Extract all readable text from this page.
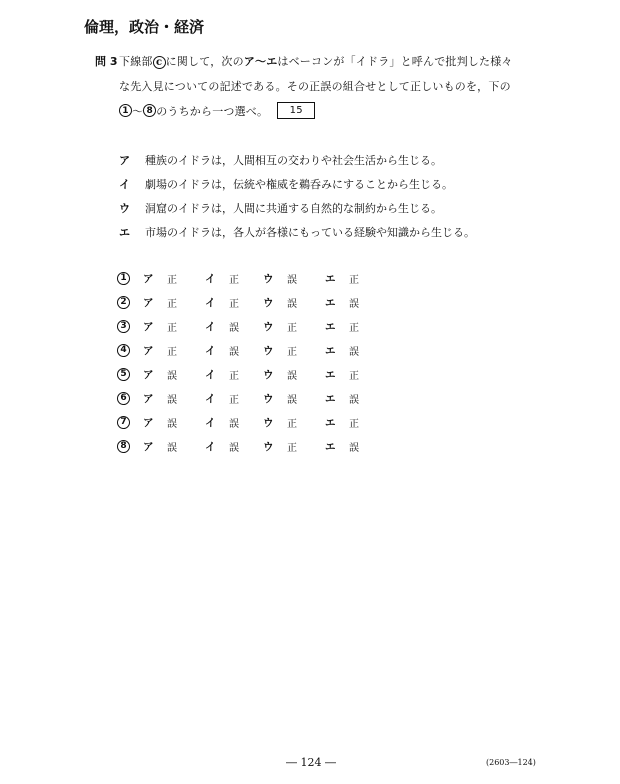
倫理，政治・経済
問 3 下線部 c に関して，次のア～エはベーコンが「イドラ」と呼んで批判した様々
な先入見についての記述である。その正誤の組合せとして正しいものを，下の
1 ～ 8 のうちから一つ選べ。	15
ア	種族のイドラは，人間相互の交わりや社会生活から生じる。
イ	劇場のイドラは，伝統や権威を鵜呑みにすることから生じる。
ウ	洞窟のイドラは，人間に共通する自然的な制約から生じる。
エ	市場のイドラは，各人が各様にもっている経験や知識から生じる。
1	ア 正	イ 正 ウ 誤	エ 正
2	ア 正	イ 正 ウ 誤	エ 誤
3	ア 正	イ 誤 ウ 正	エ 正
4	ア 正	イ 誤 ウ 正	エ 誤
5	ア 誤	イ 正 ウ 誤	エ 正
6	ア 誤	イ 正 ウ 誤	エ 誤
7	ア 誤	イ 誤 ウ 正	エ 正
8	ア 誤	イ 誤 ウ 正	エ 誤
― 124 ―	(2603―124)
